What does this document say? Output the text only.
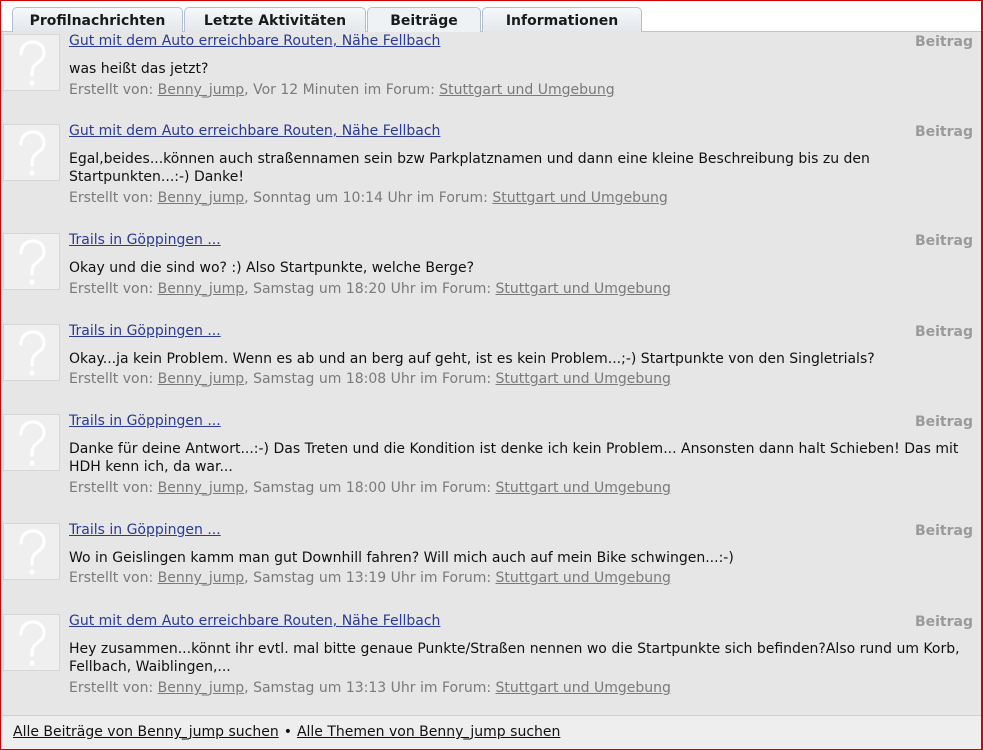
Profilnachrichten	Letzte Aktivitäten	Beiträge	Informationen
Gut mit dem Auto erreichbare Routen, Nähe Fellbach	Beitrag
was heißt das jetzt?
Erstellt von: Benny_jump, Vor 12 Minuten im Forum: Stuttgart und Umgebung
Gut mit dem Auto erreichbare Routen, Nähe Fellbach	Beitrag
Egal,beides...können auch straßennamen sein bzw Parkplatznamen und dann eine kleine Beschreibung bis zu den Startpunkten...:-) Danke!
Erstellt von: Benny_jump, Sonntag um 10:14 Uhr im Forum: Stuttgart und Umgebung
Trails in Göppingen ...	Beitrag
Okay und die sind wo? :) Also Startpunkte, welche Berge?
Erstellt von: Benny_jump, Samstag um 18:20 Uhr im Forum: Stuttgart und Umgebung
Trails in Göppingen ...	Beitrag
Okay...ja kein Problem. Wenn es ab und an berg auf geht, ist es kein Problem...;-) Startpunkte von den Singletrials?
Erstellt von: Benny_jump, Samstag um 18:08 Uhr im Forum: Stuttgart und Umgebung
Trails in Göppingen ...	Beitrag
Danke für deine Antwort...:-) Das Treten und die Kondition ist denke ich kein Problem... Ansonsten dann halt Schieben! Das mit HDH kenn ich, da war...
Erstellt von: Benny_jump, Samstag um 18:00 Uhr im Forum: Stuttgart und Umgebung
Trails in Göppingen ...	Beitrag
Wo in Geislingen kamm man gut Downhill fahren? Will mich auch auf mein Bike schwingen...:-)
Erstellt von: Benny_jump, Samstag um 13:19 Uhr im Forum: Stuttgart und Umgebung
Gut mit dem Auto erreichbare Routen, Nähe Fellbach	Beitrag
Hey zusammen...könnt ihr evtl. mal bitte genaue Punkte/Straßen nennen wo die Startpunkte sich befinden?Also rund um Korb, Fellbach, Waiblingen,...
Erstellt von: Benny_jump, Samstag um 13:13 Uhr im Forum: Stuttgart und Umgebung
Alle Beiträge von Benny_jump suchen • Alle Themen von Benny_jump suchen
